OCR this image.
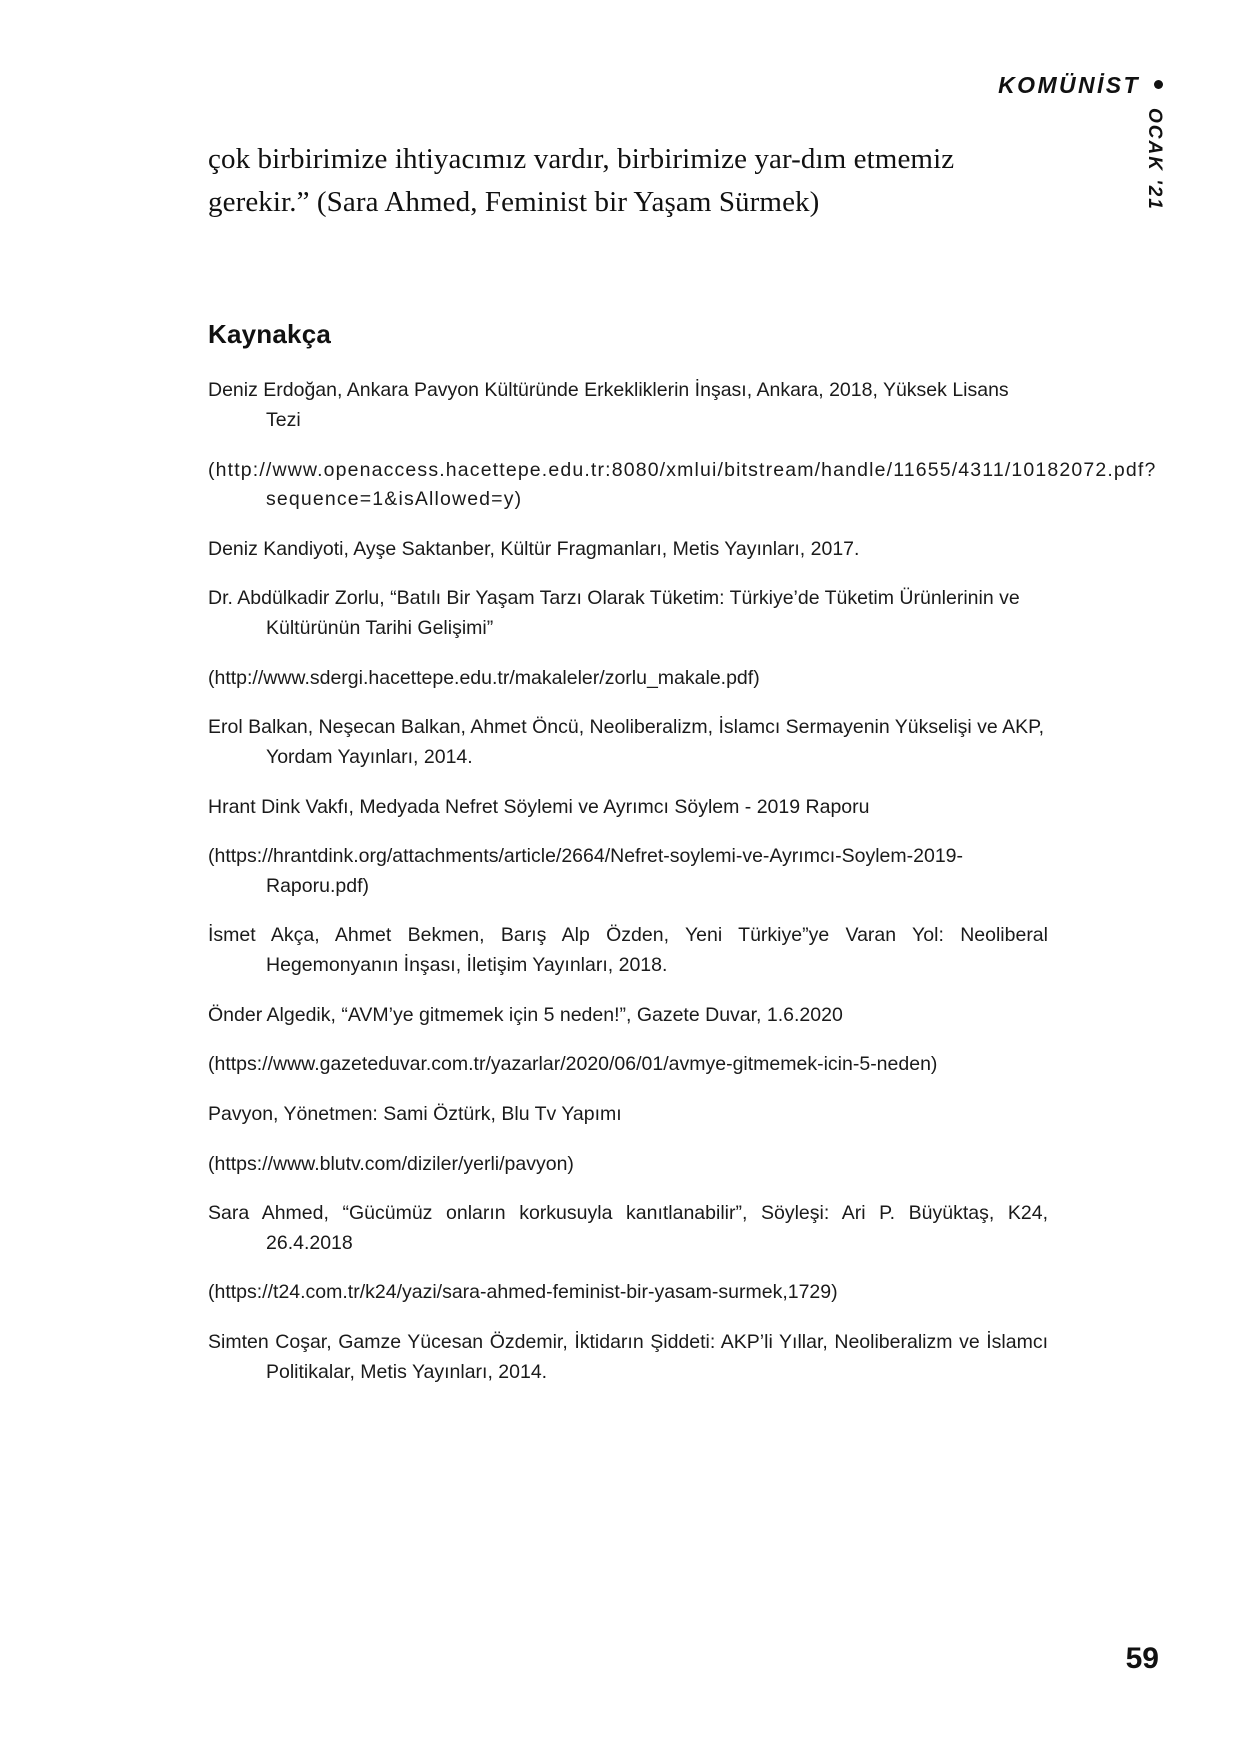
KOMÜNİST
OCAK '21

çok birbirimize ihtiyacımız vardır, birbirimize yar-dım etmemiz gerekir.” (Sara Ahmed, Feminist bir Yaşam Sürmek)

Kaynakça

Deniz Erdoğan, Ankara Pavyon Kültüründe Erkekliklerin İnşası, Ankara, 2018, Yüksek Lisans Tezi

(http://www.openaccess.hacettepe.edu.tr:8080/xmlui/bitstream/handle/11655/4311/10182072.pdf?sequence=1&isAllowed=y)

Deniz Kandiyoti, Ayşe Saktanber, Kültür Fragmanları, Metis Yayınları, 2017.

Dr. Abdülkadir Zorlu, “Batılı Bir Yaşam Tarzı Olarak Tüketim: Türkiye’de Tüketim Ürünlerinin ve Kültürünün Tarihi Gelişimi”

(http://www.sdergi.hacettepe.edu.tr/makaleler/zorlu_makale.pdf)

Erol Balkan, Neşecan Balkan, Ahmet Öncü, Neoliberalizm, İslamcı Sermayenin Yükselişi ve AKP, Yordam Yayınları, 2014.

Hrant Dink Vakfı, Medyada Nefret Söylemi ve Ayrımcı Söylem - 2019 Raporu

(https://hrantdink.org/attachments/article/2664/Nefret-soylemi-ve-Ayrımcı-Soylem-2019-Raporu.pdf)

İsmet Akça, Ahmet Bekmen, Barış Alp Özden, Yeni Türkiye”ye Varan Yol: Neoliberal Hegemonyanın İnşası, İletişim Yayınları, 2018.

Önder Algedik, “AVM’ye gitmemek için 5 neden!”, Gazete Duvar, 1.6.2020

(https://www.gazeteduvar.com.tr/yazarlar/2020/06/01/avmye-gitmemek-icin-5-neden)

Pavyon, Yönetmen: Sami Öztürk, Blu Tv Yapımı

(https://www.blutv.com/diziler/yerli/pavyon)

Sara Ahmed, “Gücümüz onların korkusuyla kanıtlanabilir”, Söyleşi: Ari P. Büyüktaş, K24, 26.4.2018

(https://t24.com.tr/k24/yazi/sara-ahmed-feminist-bir-yasam-surmek,1729)

Simten Coşar, Gamze Yücesan Özdemir, İktidarın Şiddeti: AKP’li Yıllar, Neoliberalizm ve İslamcı Politikalar, Metis Yayınları, 2014.

59
